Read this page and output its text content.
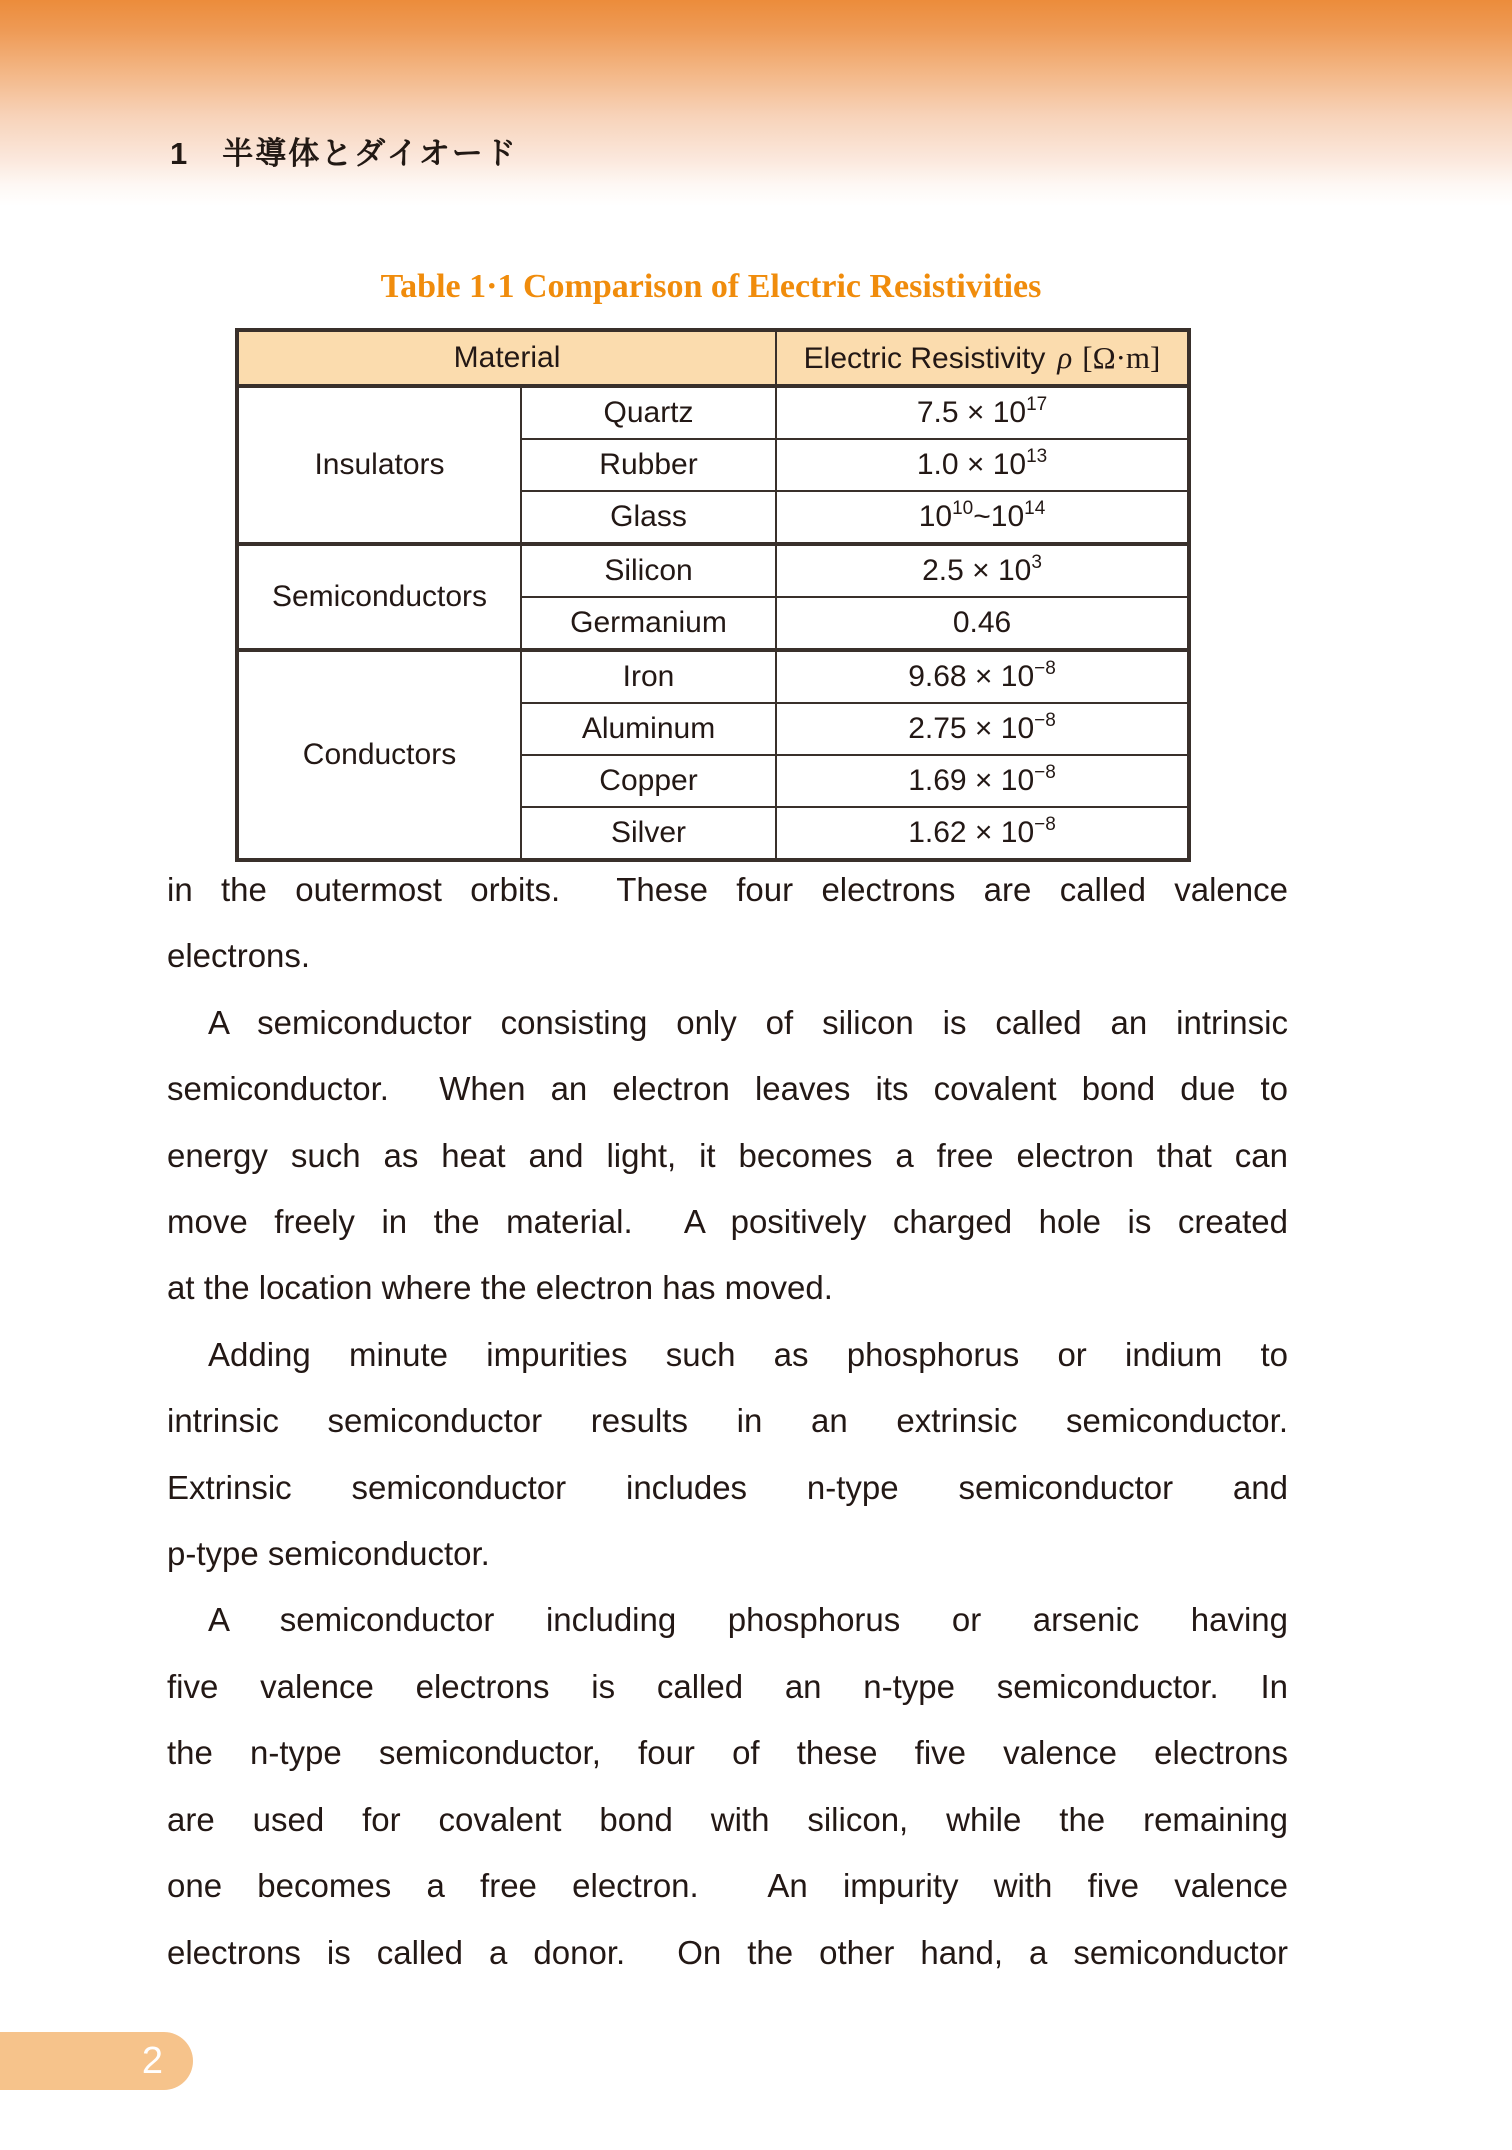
1　半導体とダイオード
Table 1·1 Comparison of Electric Resistivities
Material		Electric Resistivity ρ [Ω·m]
Insulators	Quartz	$7.5 \times 10^{17}$
	Rubber	$1.0 \times 10^{13}$
	Glass	$10^{10}\sim 10^{14}$
Semiconductors	Silicon	$2.5 \times 10^3$
	Germanium	0.46
Conductors	Iron	$9.68 \times 10^{-8}$
	Aluminum	$2.75 \times 10^{-8}$
	Copper	$1.69 \times 10^{-8}$
	Silver	$1.62 \times 10^{-8}$
in the outermost orbits.  These four electrons are called valence
electrons.
A semiconductor consisting only of silicon is called an intrinsic
semiconductor.  When an electron leaves its covalent bond due to
energy such as heat and light, it becomes a free electron that can
move freely in the material.  A positively charged hole is created
at the location where the electron has moved.
Adding minute impurities such as phosphorus or indium to
intrinsic semiconductor results in an extrinsic semiconductor.
Extrinsic semiconductor includes n-type semiconductor and
p-type semiconductor.
A semiconductor including phosphorus or arsenic having
five valence electrons is called an n-type semiconductor. In
the n-type semiconductor, four of these five valence electrons
are used for covalent bond with silicon, while the remaining
one becomes a free electron.  An impurity with five valence
electrons is called a donor.  On the other hand, a semiconductor
2
